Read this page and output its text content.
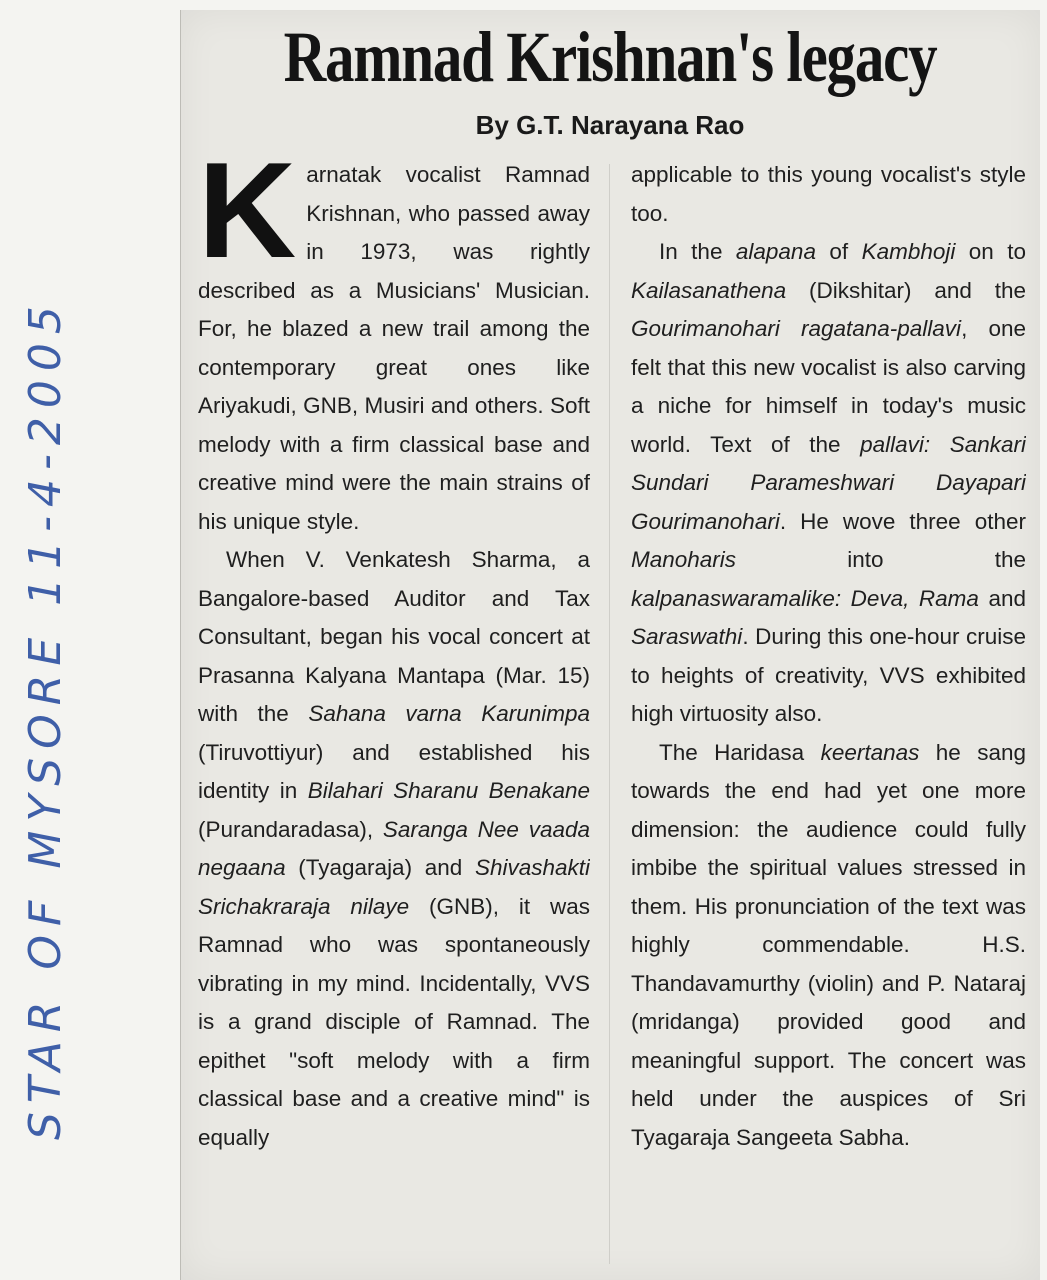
Ramnad Krishnan's legacy
By G.T. Narayana Rao
K arnatak vocalist Ramnad Krishnan, who passed away in 1973, was rightly described as a Musicians' Musician. For, he blazed a new trail among the contemporary great ones like Ariyakudi, GNB, Musiri and others. Soft melody with a firm classical base and creative mind were the main strains of his unique style.

When V. Venkatesh Sharma, a Bangalore-based Auditor and Tax Consultant, began his vocal concert at Prasanna Kalyana Mantapa (Mar. 15) with the Sahana varna Karunimpa (Tiruvottiyur) and established his identity in Bilahari Sharanu Benakane (Purandaradasa), Saranga Nee vaada negaana (Tyagaraja) and Shivashakti Srichakraraja nilaye (GNB), it was Ramnad who was spontaneously vibrating in my mind. Incidentally, VVS is a grand disciple of Ramnad. The epithet "soft melody with a firm classical base and a creative mind" is equally

applicable to this young vocalist's style too.

In the alapana of Kambhoji on to Kailasanathena (Dikshitar) and the Gourimanohari ragatana-pallavi, one felt that this new vocalist is also carving a niche for himself in today's music world. Text of the pallavi: Sankari Sundari Parameshwari Dayapari Gourimanohari. He wove three other Manoharis into the kalpanaswaramalike: Deva, Rama and Saraswathi. During this one-hour cruise to heights of creativity, VVS exhibited high virtuosity also.

The Haridasa keertanas he sang towards the end had yet one more dimension: the audience could fully imbibe the spiritual values stressed in them. His pronunciation of the text was highly commendable. H.S. Thandavamurthy (violin) and P. Nataraj (mridanga) provided good and meaningful support. The concert was held under the auspices of Sri Tyagaraja Sangeeta Sabha.

STAR OF MYSORE 11-4-2005
